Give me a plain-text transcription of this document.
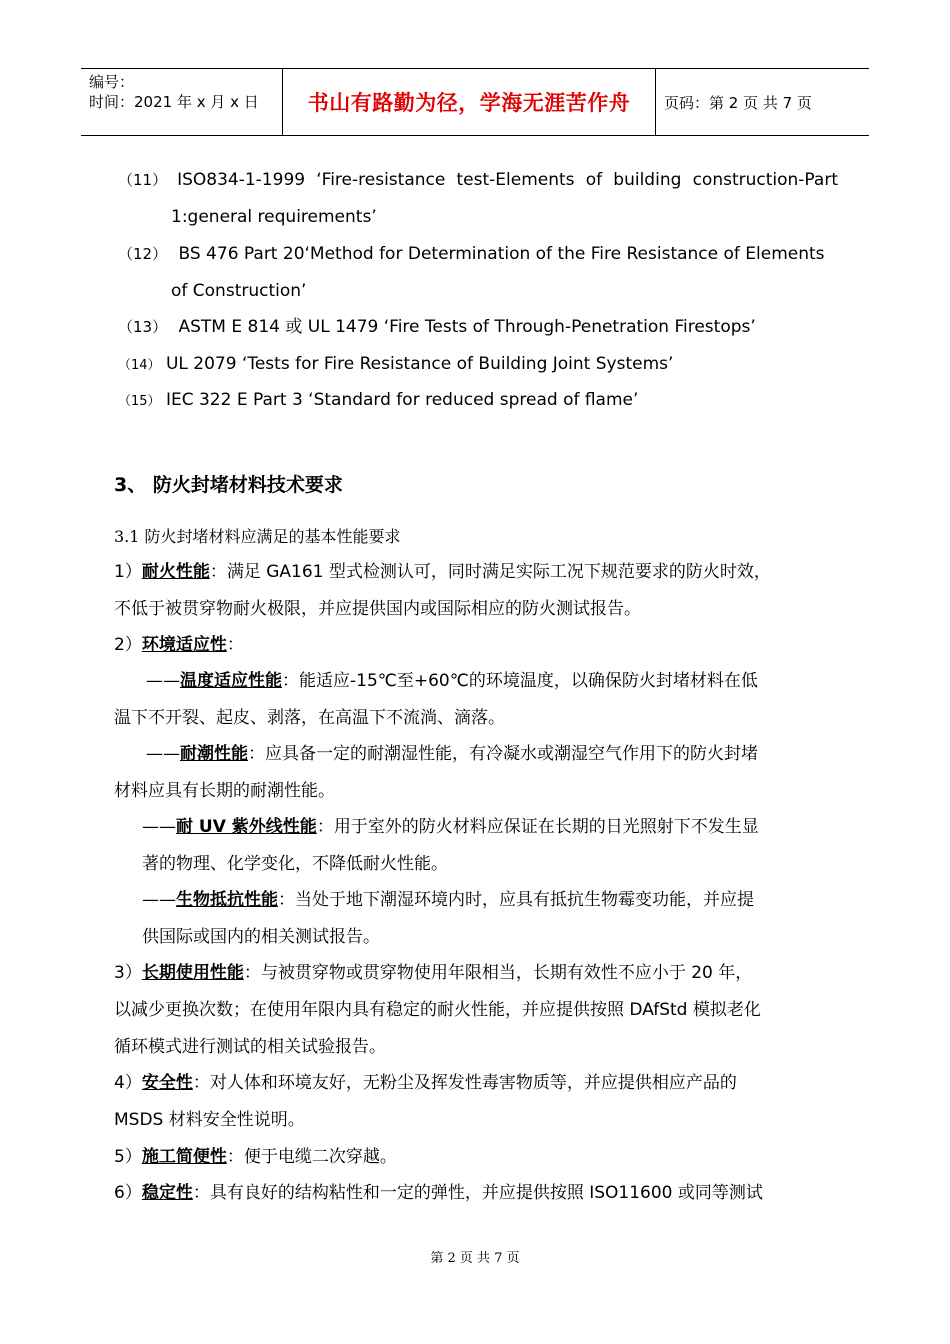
编号：
时间：2021 年 x 月 x 日	书山有路勤为径，学海无涯苦作舟	页码：第 2 页 共 7 页
（11） ISO834-1-1999 ‘Fire-resistance test-Elements of building construction-Part
1:general requirements’
（12） BS 476 Part 20‘Method for Determination of the Fire Resistance of Elements
of Construction’
（13） ASTM E 814 或 UL 1479 ‘Fire Tests of Through-Penetration Firestops’
（14） UL 2079 ‘Tests for Fire Resistance of Building Joint Systems’
（15） IEC 322 E Part 3 ‘Standard for reduced spread of flame’
3、 防火封堵材料技术要求
3.1 防火封堵材料应满足的基本性能要求
1）耐火性能：满足 GA161 型式检测认可，同时满足实际工况下规范要求的防火时效，
不低于被贯穿物耐火极限，并应提供国内或国际相应的防火测试报告。
2）环境适应性：
——温度适应性能：能适应-15℃至+60℃的环境温度，以确保防火封堵材料在低
温下不开裂、起皮、剥落，在高温下不流淌、滴落。
——耐潮性能：应具备一定的耐潮湿性能，有冷凝水或潮湿空气作用下的防火封堵
材料应具有长期的耐潮性能。
——耐 UV 紫外线性能：用于室外的防火材料应保证在长期的日光照射下不发生显
著的物理、化学变化，不降低耐火性能。
——生物抵抗性能：当处于地下潮湿环境内时，应具有抵抗生物霉变功能，并应提
供国际或国内的相关测试报告。
3）长期使用性能：与被贯穿物或贯穿物使用年限相当，长期有效性不应小于 20 年，
以减少更换次数；在使用年限内具有稳定的耐火性能，并应提供按照 DAfStd 模拟老化
循环模式进行测试的相关试验报告。
4）安全性：对人体和环境友好，无粉尘及挥发性毒害物质等，并应提供相应产品的
MSDS 材料安全性说明。
5）施工简便性：便于电缆二次穿越。
6）稳定性：具有良好的结构粘性和一定的弹性，并应提供按照 ISO11600 或同等测试
第 2 页 共 7 页
